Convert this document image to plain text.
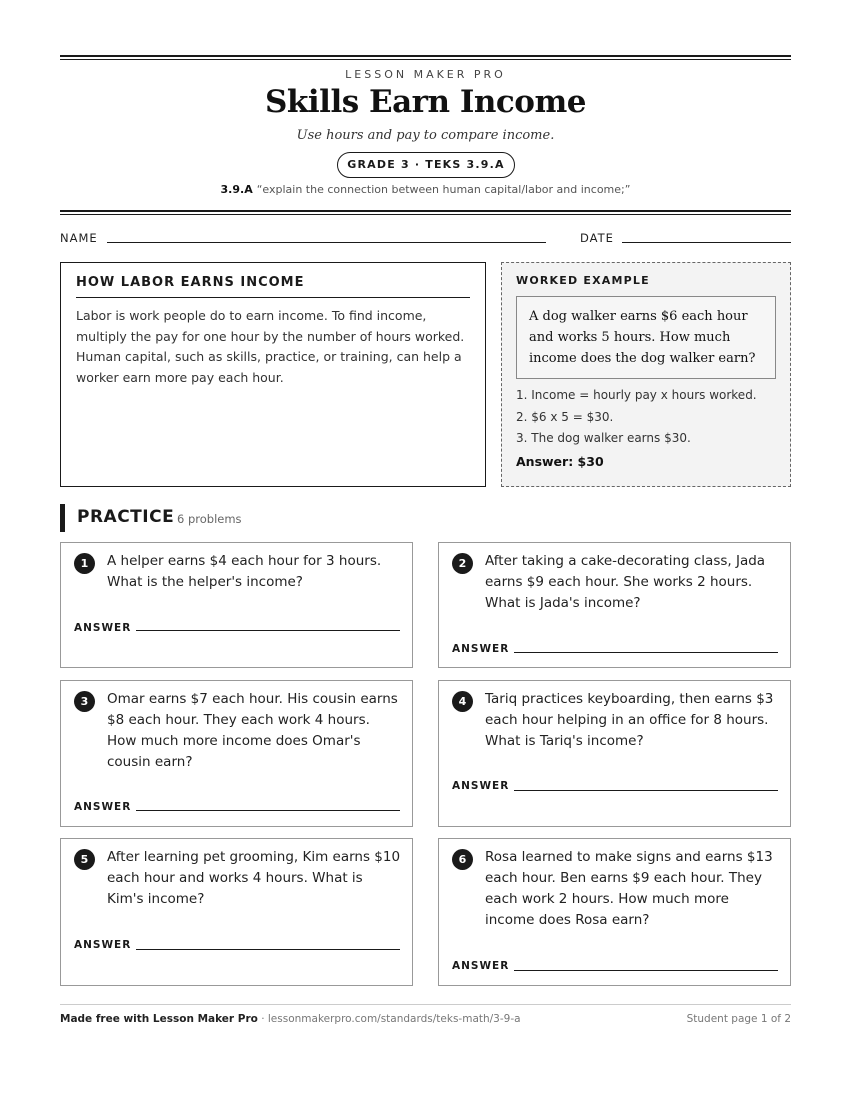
LESSON MAKER PRO
Skills Earn Income
Use hours and pay to compare income.
GRADE 3 · TEKS 3.9.A
3.9.A “explain the connection between human capital/labor and income;”
NAME	DATE
HOW LABOR EARNS INCOME
Labor is work people do to earn income. To find income, multiply the pay for one hour by the number of hours worked. Human capital, such as skills, practice, or training, can help a worker earn more pay each hour.
WORKED EXAMPLE
A dog walker earns $6 each hour and works 5 hours. How much income does the dog walker earn?
1. Income = hourly pay x hours worked.
2. $6 x 5 = $30.
3. The dog walker earns $30.
Answer: $30
PRACTICE 6 problems
1	A helper earns $4 each hour for 3 hours. What is the helper's income?
ANSWER
2	After taking a cake-decorating class, Jada earns $9 each hour. She works 2 hours. What is Jada's income?
ANSWER
3	Omar earns $7 each hour. His cousin earns $8 each hour. They each work 4 hours. How much more income does Omar's cousin earn?
ANSWER
4	Tariq practices keyboarding, then earns $3 each hour helping in an office for 8 hours. What is Tariq's income?
ANSWER
5	After learning pet grooming, Kim earns $10 each hour and works 4 hours. What is Kim's income?
ANSWER
6	Rosa learned to make signs and earns $13 each hour. Ben earns $9 each hour. They each work 2 hours. How much more income does Rosa earn?
ANSWER
Made free with Lesson Maker Pro · lessonmakerpro.com/standards/teks-math/3-9-a	Student page 1 of 2
